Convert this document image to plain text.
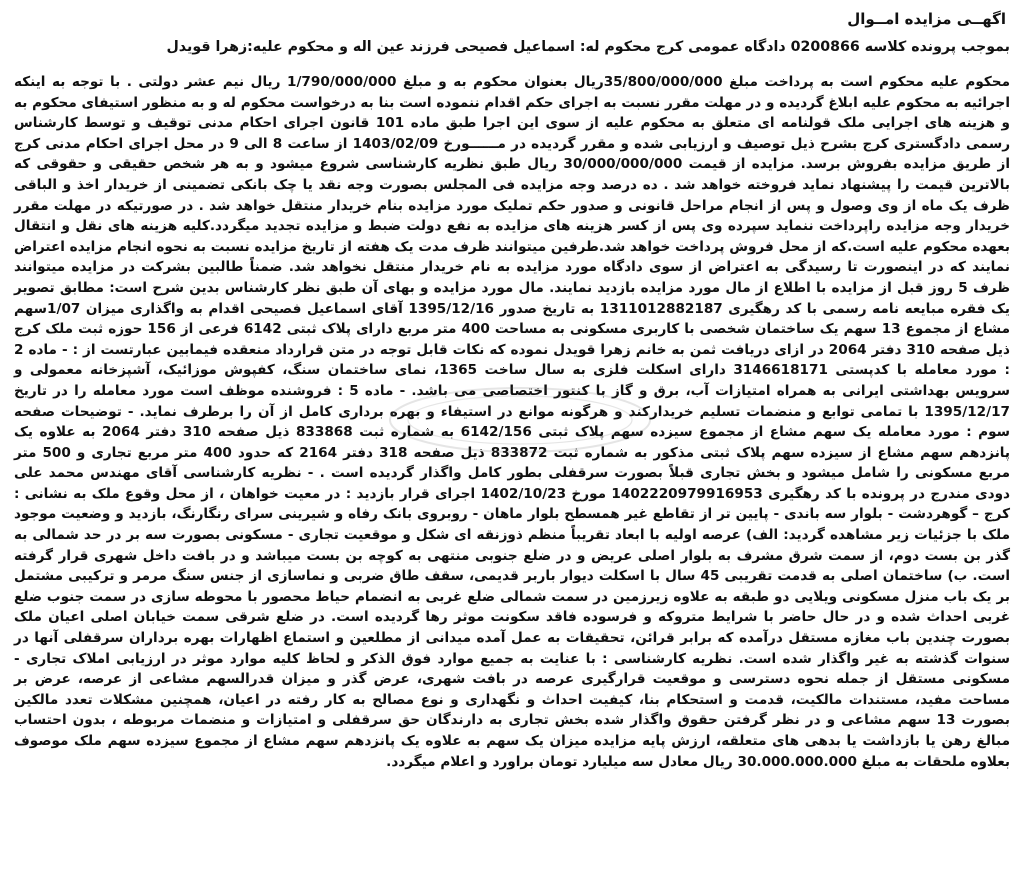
اگهــی مزایده امــوال
بموجب پرونده کلاسه 0200866 دادگاه عمومی کرج محکوم له: اسماعیل فصیحی فرزند عین اله و محکوم علیه:زهرا قویدل

محکوم علیه محکوم است به پرداخت مبلغ 35/800/000/000ریال بعنوان محکوم به و مبلغ 1/790/000/000 ریال نیم عشر دولتی . با توجه به اینکه اجرائیه به محکوم علیه ابلاغ گردیده و در مهلت مقرر نسبت به اجرای حکم اقدام ننموده است بنا به درخواست محکوم له و به منظور استیفای محکوم به و هزینه های اجرایی ملک قولنامه ای متعلق به محکوم علیه از سوی این اجرا طبق ماده 101 قانون اجرای احکام مدنی توقیف و توسط کارشناس رسمی دادگستری کرج بشرح ذیل توصیف و ارزیابی شده و مقرر گردیده در مــــــورخ 1403/02/09 از ساعت 8 الی 9 در محل اجرای احکام مدنی کرج از طریق مزایده بفروش برسد. مزایده از قیمت 30/000/000/000 ریال طبق نظریه کارشناسی شروع میشود و به هر شخص حقیقی و حقوقی که بالاترین قیمت را پیشنهاد نماید فروخته خواهد شد . ده درصد وجه مزایده فی المجلس بصورت وجه نقد یا چک بانکی تضمینی از خریدار اخذ و الباقی ظرف یک ماه از وی وصول و پس از انجام مراحل قانونی و صدور حکم تملیک مورد مزایده بنام خریدار منتقل خواهد شد . در صورتیکه در مهلت مقرر خریدار وجه مزایده راپرداخت ننماید سپرده وی پس از کسر هزینه های مزایده به نفع دولت ضبط و مزایده تجدید میگردد.کلیه هزینه های نقل و انتقال بعهده محکوم علیه است.که از محل فروش پرداخت خواهد شد.طرفین میتوانند ظرف مدت یک هفته از تاریخ مزایده نسبت به نحوه انجام مزایده اعتراض نمایند که در اینصورت تا رسیدگی به اعتراض از سوی دادگاه مورد مزایده به نام خریدار منتقل نخواهد شد. ضمناً طالبین بشرکت در مزایده میتوانند ظرف 5 روز قبل از مزایده با اطلاع از مال مورد مزایده بازدید نمایند. مال مورد مزایده و بهای آن طبق نظر کارشناس بدین شرح است: مطابق تصویر یک فقره مبایعه نامه رسمی با کد رهگیری 1311012882187 به تاریخ صدور 1395/12/16 آقای اسماعیل فصیحی اقدام به واگذاری میزان 1/07سهم مشاع از مجموع 13 سهم یک ساختمان شخصی با کاربری مسکونی به مساحت 400 متر مربع دارای پلاک ثبتی 6142 فرعی از 156 حوزه ثبت ملک کرج ذیل صفحه 310 دفتر 2064 در ازای دریافت ثمن به خانم زهرا قویدل نموده که نکات قابل توجه در متن قرارداد منعقده فیمابین عبارتست از : - ماده 2 : مورد معامله با کدپستی 3146618171 دارای اسکلت فلزی به سال ساخت 1365، نمای ساختمان سنگ، کفپوش موزائیک، آشپزخانه معمولی و سرویس بهداشتی ایرانی به همراه امتیازات آب، برق و گاز با کنتور اختصاصی می باشد. - ماده 5 : فروشنده موظف است مورد معامله را در تاریخ 1395/12/17 با تمامی توابع و منضمات تسلیم خریدارکند و هرگونه موانع در استیفاء و بهره برداری کامل از آن را برطرف نماید. - توضیحات صفحه سوم : مورد معامله یک سهم مشاع از مجموع سیزده سهم پلاک ثبتی 6142/156 به شماره ثبت 833868 ذیل صفحه 310 دفتر 2064 به علاوه یک پانزدهم سهم مشاع از سیزده سهم پلاک ثبتی مذکور به شماره ثبت 833872 ذیل صفحه 318 دفتر 2164 که حدود 400 متر مربع تجاری و 500 متر مربع مسکونی را شامل میشود و بخش تجاری قبلاً بصورت سرقفلی بطور کامل واگذار گردیده است . - نظریه کارشناسی آقای مهندس محمد علی دودی مندرج در پرونده با کد رهگیری 1402220979916953 مورخ 1402/10/23 اجرای قرار بازدید : در معیت خواهان ، از محل وقوع ملک به نشانی : کرج – گوهردشت - بلوار سه باندی - پایین تر از تقاطع غیر همسطح بلوار ماهان - روبروی بانک رفاه و شیرینی سرای رنگارنگ، بازدید و وضعیت موجود ملک با جزئیات زیر مشاهده گردید: الف) عرصه اولیه با ابعاد تقریباً منظم ذوزنقه ای شکل و موقعیت تجاری - مسکونی بصورت سه بر در حد شمالی به گذر بن بست دوم، از سمت شرق مشرف به بلوار اصلی عریض و در ضلع جنوبی منتهی به کوچه بن بست میباشد و در بافت داخل شهری قرار گرفته است. ب) ساختمان اصلی به قدمت تقریبی 45 سال با اسکلت دیوار باربر قدیمی، سقف طاق ضربی و نماسازی از جنس سنگ مرمر و ترکیبی مشتمل بر یک باب منزل مسکونی ویلایی دو طبقه به علاوه زیرزمین در سمت شمالی ضلع غربی به انضمام حیاط محصور با محوطه سازی در سمت جنوب ضلع غربی احداث شده و در حال حاضر با شرایط متروکه و فرسوده فاقد سکونت موثر رها گردیده است. در ضلع شرقی سمت خیابان اصلی اعیان ملک بصورت چندین باب مغازه مستقل درآمده که برابر قرائن، تحقیقات به عمل آمده میدانی از مطلعین و استماع اظهارات بهره برداران سرقفلی آنها در سنوات گذشته به غیر واگذار شده است. نظریه کارشناسی : با عنایت به جمیع موارد فوق الذکر و لحاظ کلیه موارد موثر در ارزیابی املاک تجاری - مسکونی مستقل از جمله نحوه دسترسی و موقعیت قرارگیری عرصه در بافت شهری، عرض گذر و میزان قدرالسهم مشاعی از عرصه، عرض بر مساحت مفید، مستندات مالکیت، قدمت و استحکام بنا، کیفیت احداث و نگهداری و نوع مصالح به کار رفته در اعیان، همچنین مشکلات تعدد مالکین بصورت 13 سهم مشاعی و در نظر گرفتن حقوق واگذار شده بخش تجاری به دارندگان حق سرقفلی و امتیازات و منضمات مربوطه ، بدون احتساب مبالغ رهن یا بازداشت یا بدهی های متعلقه، ارزش پایه مزایده میزان یک سهم به علاوه یک پانزدهم سهم مشاع از مجموع سیزده سهم ملک موصوف بعلاوه ملحقات به مبلغ 30.000.000.000 ریال معادل سه میلیارد تومان براورد و اعلام میگردد.
